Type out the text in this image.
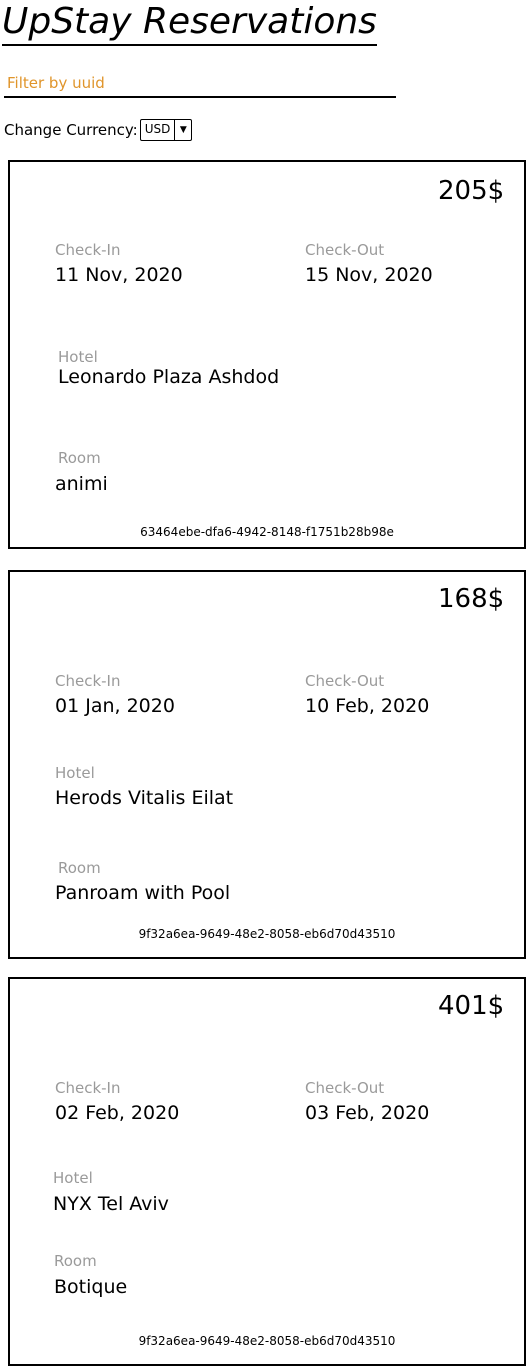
UpStay Reservations
Filter by uuid
Change Currency: USD	▼
205$
Check-In
11 Nov, 2020
Check-Out
15 Nov, 2020
Hotel
Leonardo Plaza Ashdod
Room
animi
63464ebe-dfa6-4942-8148-f1751b28b98e
168$
Check-In
01 Jan, 2020
Check-Out
10 Feb, 2020
Hotel
Herods Vitalis Eilat
Room
Panroam with Pool
9f32a6ea-9649-48e2-8058-eb6d70d43510
401$
Check-In
02 Feb, 2020
Check-Out
03 Feb, 2020
Hotel
NYX Tel Aviv
Room
Botique
9f32a6ea-9649-48e2-8058-eb6d70d43510
